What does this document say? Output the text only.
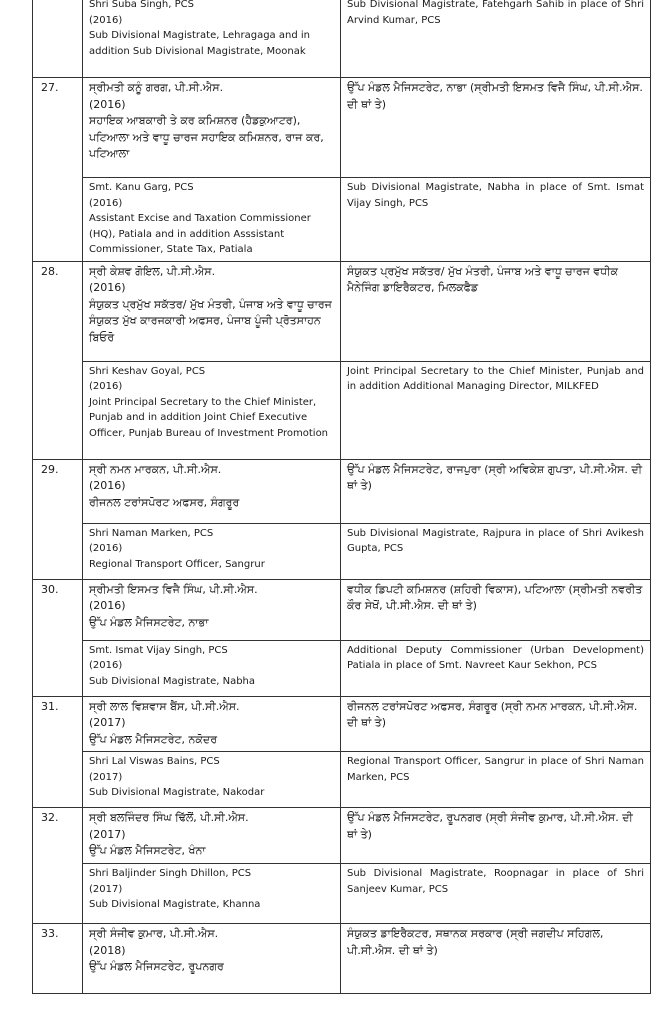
	Shri Suba Singh, PCS
(2016)
Sub Divisional Magistrate, Lehragaga and in addition Sub Divisional Magistrate, Moonak	Sub Divisional Magistrate, Fatehgarh Sahib in place of Shri Arvind Kumar, PCS
27.	ਸ੍ਰੀਮਤੀ ਕਨੂੰ ਗਰਗ, ਪੀ.ਸੀ.ਐਸ.
(2016)
ਸਹਾਇਕ ਆਬਕਾਰੀ ਤੇ ਕਰ ਕਮਿਸ਼ਨਰ (ਹੈਡਕੁਆਟਰ), ਪਟਿਆਲਾ ਅਤੇ ਵਾਧੂ ਚਾਰਜ ਸਹਾਇਕ ਕਮਿਸ਼ਨਰ, ਰਾਜ ਕਰ, ਪਟਿਆਲਾ	ਉੱਪ ਮੰਡਲ ਮੈਜਿਸਟਰੇਟ, ਨਾਭਾ (ਸ੍ਰੀਮਤੀ ਇਸਮਤ ਵਿਜੈ ਸਿੰਘ, ਪੀ.ਸੀ.ਐਸ. ਦੀ ਥਾਂ ਤੇ)

	Smt. Kanu Garg, PCS
(2016)
Assistant Excise and Taxation Commissioner (HQ), Patiala and in addition Asssistant Commissioner, State Tax, Patiala	Sub Divisional Magistrate, Nabha in place of Smt. Ismat Vijay Singh, PCS
28.	ਸ੍ਰੀ ਕੇਸ਼ਵ ਗੋਇਲ, ਪੀ.ਸੀ.ਐਸ.
(2016)
ਸੰਯੁਕਤ ਪ੍ਰਮੁੱਖ ਸਕੱਤਰ/ ਮੁੱਖ ਮੰਤਰੀ, ਪੰਜਾਬ ਅਤੇ ਵਾਧੂ ਚਾਰਜ ਸੰਯੁਕਤ ਮੁੱਖ ਕਾਰਜਕਾਰੀ ਅਫਸਰ, ਪੰਜਾਬ ਪੂੰਜੀ ਪ੍ਰੋਤਸਾਹਨ ਬਿਓਰੋ	ਸੰਯੁਕਤ ਪ੍ਰਮੁੱਖ ਸਕੱਤਰ/ ਮੁੱਖ ਮੰਤਰੀ, ਪੰਜਾਬ ਅਤੇ ਵਾਧੂ ਚਾਰਜ ਵਧੀਕ ਮੈਨੇਜਿੰਗ ਡਾਇਰੈਕਟਰ, ਮਿਲਕਫੈਡ

	Shri Keshav Goyal, PCS
(2016)
Joint Principal Secretary to the Chief Minister, Punjab and in addition Joint Chief Executive Officer, Punjab Bureau of Investment Promotion	Joint Principal Secretary to the Chief Minister, Punjab and in addition Additional Managing Director, MILKFED
29.	ਸ੍ਰੀ ਨਮਨ ਮਾਰਕਨ, ਪੀ.ਸੀ.ਐਸ.
(2016)
ਰੀਜਨਲ ਟਰਾਂਸਪੋਰਟ ਅਫਸਰ, ਸੰਗਰੂਰ	ਉੱਪ ਮੰਡਲ ਮੈਜਿਸਟਰੇਟ, ਰਾਜਪੁਰਾ (ਸ੍ਰੀ ਅਵਿਕੇਸ਼ ਗੁਪਤਾ, ਪੀ.ਸੀ.ਐਸ. ਦੀ ਥਾਂ ਤੇ)

	Shri Naman Marken, PCS
(2016)
Regional Transport Officer, Sangrur	Sub Divisional Magistrate, Rajpura in place of Shri Avikesh Gupta, PCS
30.	ਸ੍ਰੀਮਤੀ ਇਸਮਤ ਵਿਜੈ ਸਿੰਘ, ਪੀ.ਸੀ.ਐਸ.
(2016)
ਉੱਪ ਮੰਡਲ ਮੈਜਿਸਟਰੇਟ, ਨਾਭਾ	ਵਧੀਕ ਡਿਪਟੀ ਕਮਿਸ਼ਨਰ (ਸ਼ਹਿਰੀ ਵਿਕਾਸ), ਪਟਿਆਲਾ (ਸ੍ਰੀਮਤੀ ਨਵਰੀਤ ਕੌਰ ਸੇਖੋਂ, ਪੀ.ਸੀ.ਐਸ. ਦੀ ਥਾਂ ਤੇ)

	Smt. Ismat Vijay Singh, PCS
(2016)
Sub Divisional Magistrate, Nabha	Additional Deputy Commissioner (Urban Development) Patiala in place of Smt. Navreet Kaur Sekhon, PCS
31.	ਸ੍ਰੀ ਲਾਲ ਵਿਸ਼ਵਾਸ ਬੈਂਸ, ਪੀ.ਸੀ.ਐਸ.
(2017)
ਉੱਪ ਮੰਡਲ ਮੈਜਿਸਟਰੇਟ, ਨਕੋਦਰ	ਰੀਜਨਲ ਟਰਾਂਸਪੋਰਟ ਅਫਸਰ, ਸੰਗਰੂਰ (ਸ੍ਰੀ ਨਮਨ ਮਾਰਕਨ, ਪੀ.ਸੀ.ਐਸ. ਦੀ ਥਾਂ ਤੇ)

	Shri Lal Viswas Bains, PCS
(2017)
Sub Divisional Magistrate, Nakodar	Regional Transport Officer, Sangrur in place of Shri Naman Marken, PCS
32.	ਸ੍ਰੀ ਬਲਜਿੰਦਰ ਸਿੰਘ ਢਿੱਲੋਂ, ਪੀ.ਸੀ.ਐਸ.
(2017)
ਉੱਪ ਮੰਡਲ ਮੈਜਿਸਟਰੇਟ, ਖੰਨਾ	ਉੱਪ ਮੰਡਲ ਮੈਜਿਸਟਰੇਟ, ਰੂਪਨਗਰ (ਸ੍ਰੀ ਸੰਜੀਵ ਕੁਮਾਰ, ਪੀ.ਸੀ.ਐਸ. ਦੀ ਥਾਂ ਤੇ)

	Shri Baljinder Singh Dhillon, PCS
(2017)
Sub Divisional Magistrate, Khanna	Sub Divisional Magistrate, Roopnagar in place of Shri Sanjeev Kumar, PCS
33.	ਸ੍ਰੀ ਸੰਜੀਵ ਕੁਮਾਰ, ਪੀ.ਸੀ.ਐਸ.
(2018)
ਉੱਪ ਮੰਡਲ ਮੈਜਿਸਟਰੇਟ, ਰੂਪਨਗਰ	ਸੰਯੁਕਤ ਡਾਇਰੈਕਟਰ, ਸਥਾਨਕ ਸਰਕਾਰ (ਸ੍ਰੀ ਜਗਦੀਪ ਸਹਿਗਲ, ਪੀ.ਸੀ.ਐਸ. ਦੀ ਥਾਂ ਤੇ)
